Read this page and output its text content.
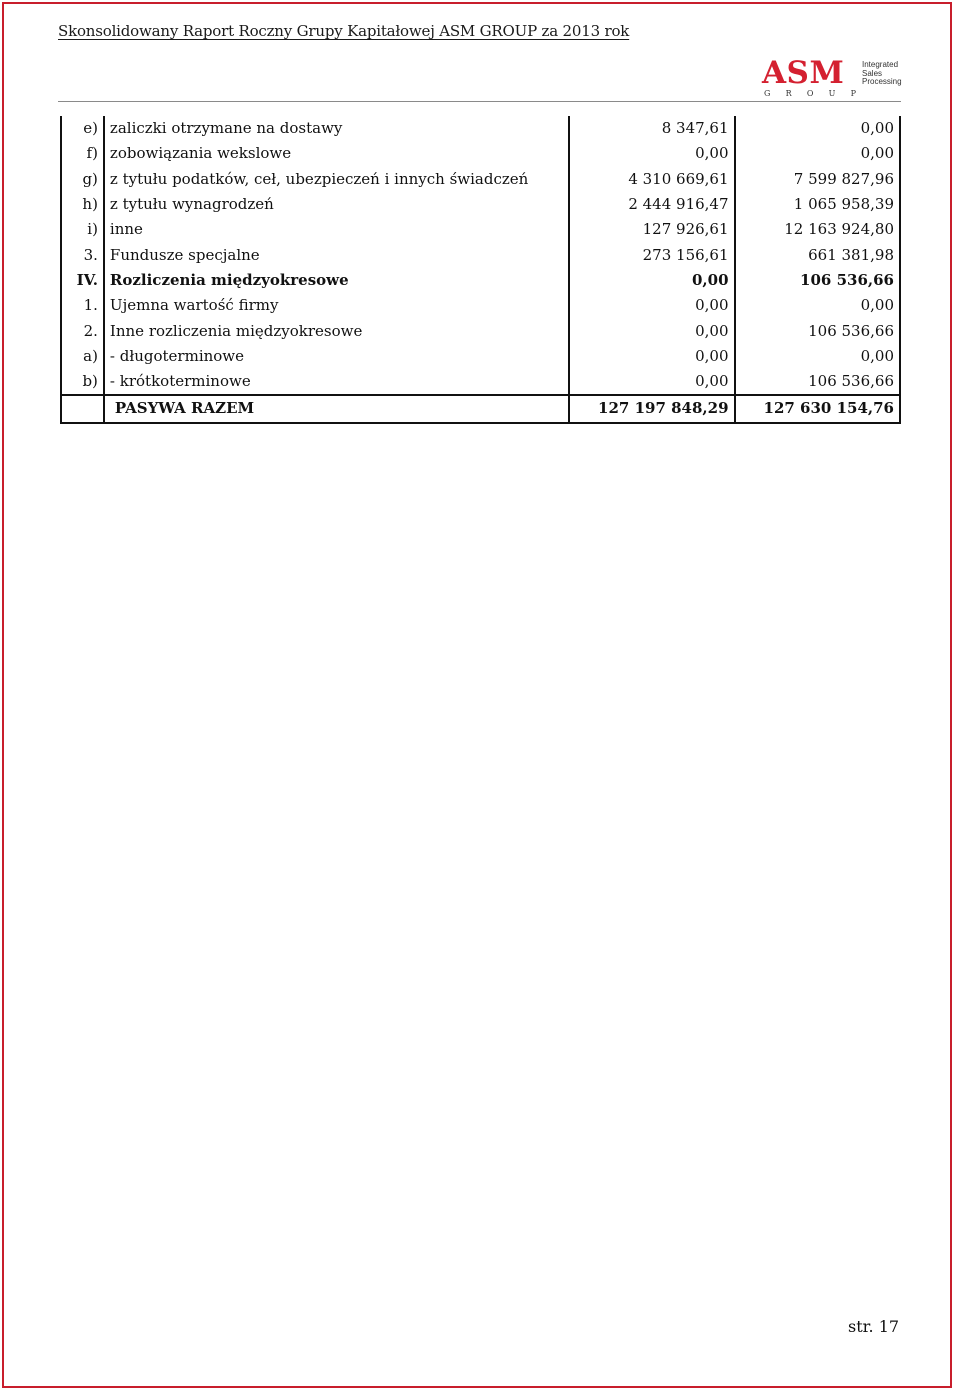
Skonsolidowany Raport Roczny Grupy Kapitałowej ASM GROUP za 2013 rok
ASM
G R O U P
Integrated
Sales
Processing
e)	zaliczki otrzymane na dostawy	8 347,61	0,00
f)	zobowiązania wekslowe	0,00	0,00
g)	z tytułu podatków, ceł, ubezpieczeń i innych świadczeń	4 310 669,61	7 599 827,96
h)	z tytułu wynagrodzeń	2 444 916,47	1 065 958,39
i)	inne	127 926,61	12 163 924,80
3.	Fundusze specjalne	273 156,61	661 381,98
IV.	Rozliczenia międzyokresowe	0,00	106 536,66
1.	Ujemna wartość firmy	0,00	0,00
2.	Inne rozliczenia międzyokresowe	0,00	106 536,66
a)	- długoterminowe	0,00	0,00
b)	- krótkoterminowe	0,00	106 536,66
	PASYWA RAZEM	127 197 848,29	127 630 154,76
str. 17
